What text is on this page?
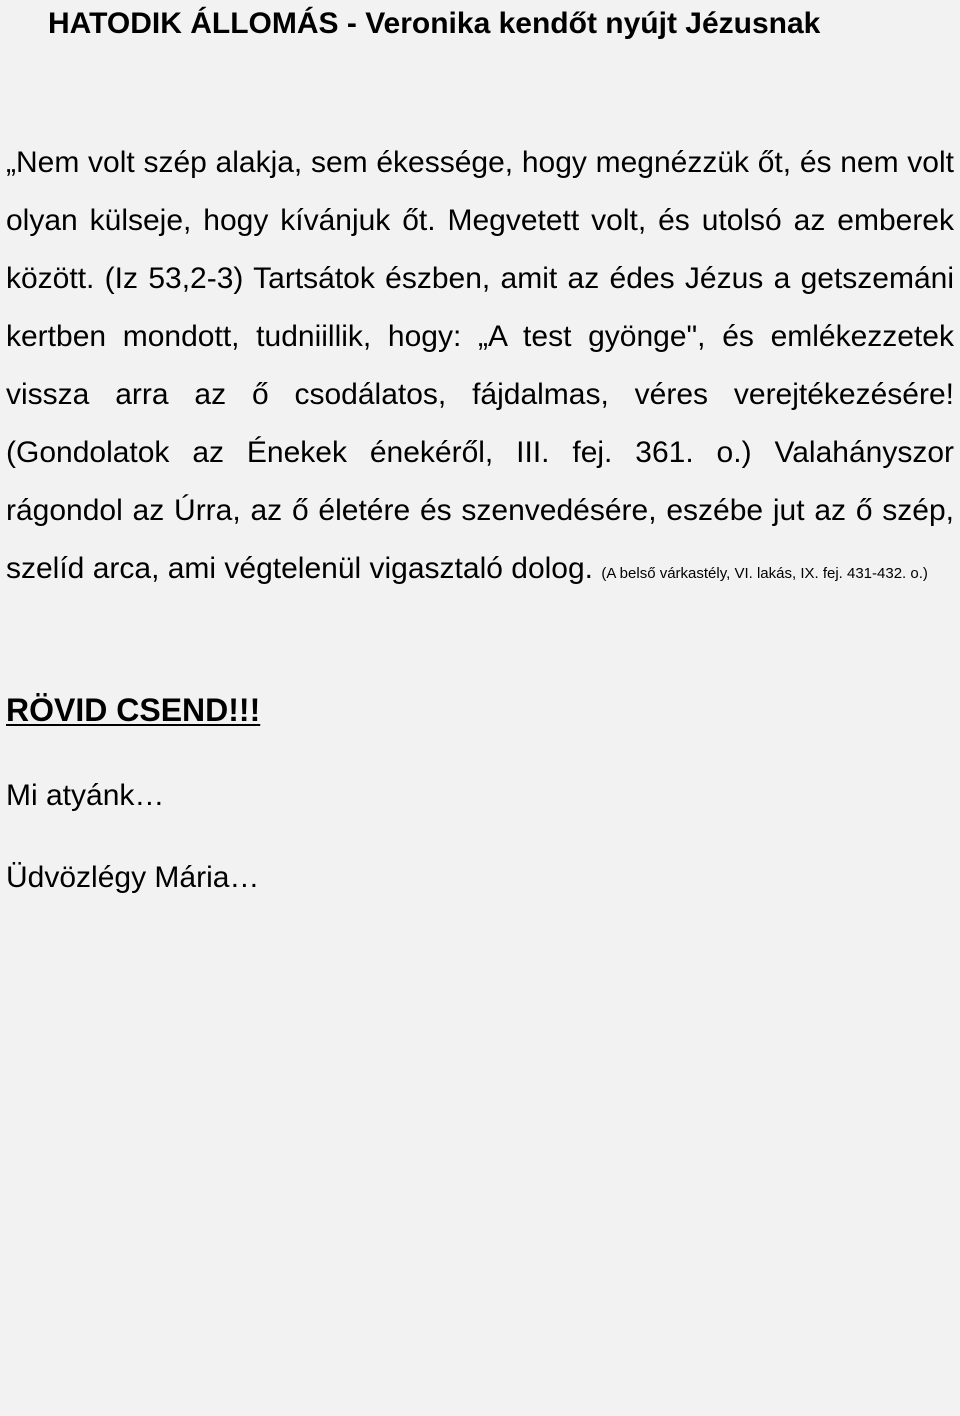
HATODIK ÁLLOMÁS - Veronika kendőt nyújt Jézusnak

„Nem volt szép alakja, sem ékessége, hogy megnézzük őt, és nem volt olyan külseje, hogy kívánjuk őt. Megvetett volt, és utolsó az emberek között. (Iz 53,2-3) Tartsátok észben, amit az édes Jézus a getszemáni kertben mondott, tudniillik, hogy: „A test gyönge", és emlékezzetek vissza arra az ő csodálatos, fájdalmas, véres verejtékezésére! (Gondolatok az Énekek énekéről, III. fej. 361. o.) Valahányszor rágondol az Úrra, az ő életére és szenvedésére, eszébe jut az ő szép, szelíd arca, ami végtelenül vigasztaló dolog. (A belső várkastély, VI. lakás, IX. fej. 431-432. o.)

RÖVID CSEND!!!

Mi atyánk…

Üdvözlégy Mária…
